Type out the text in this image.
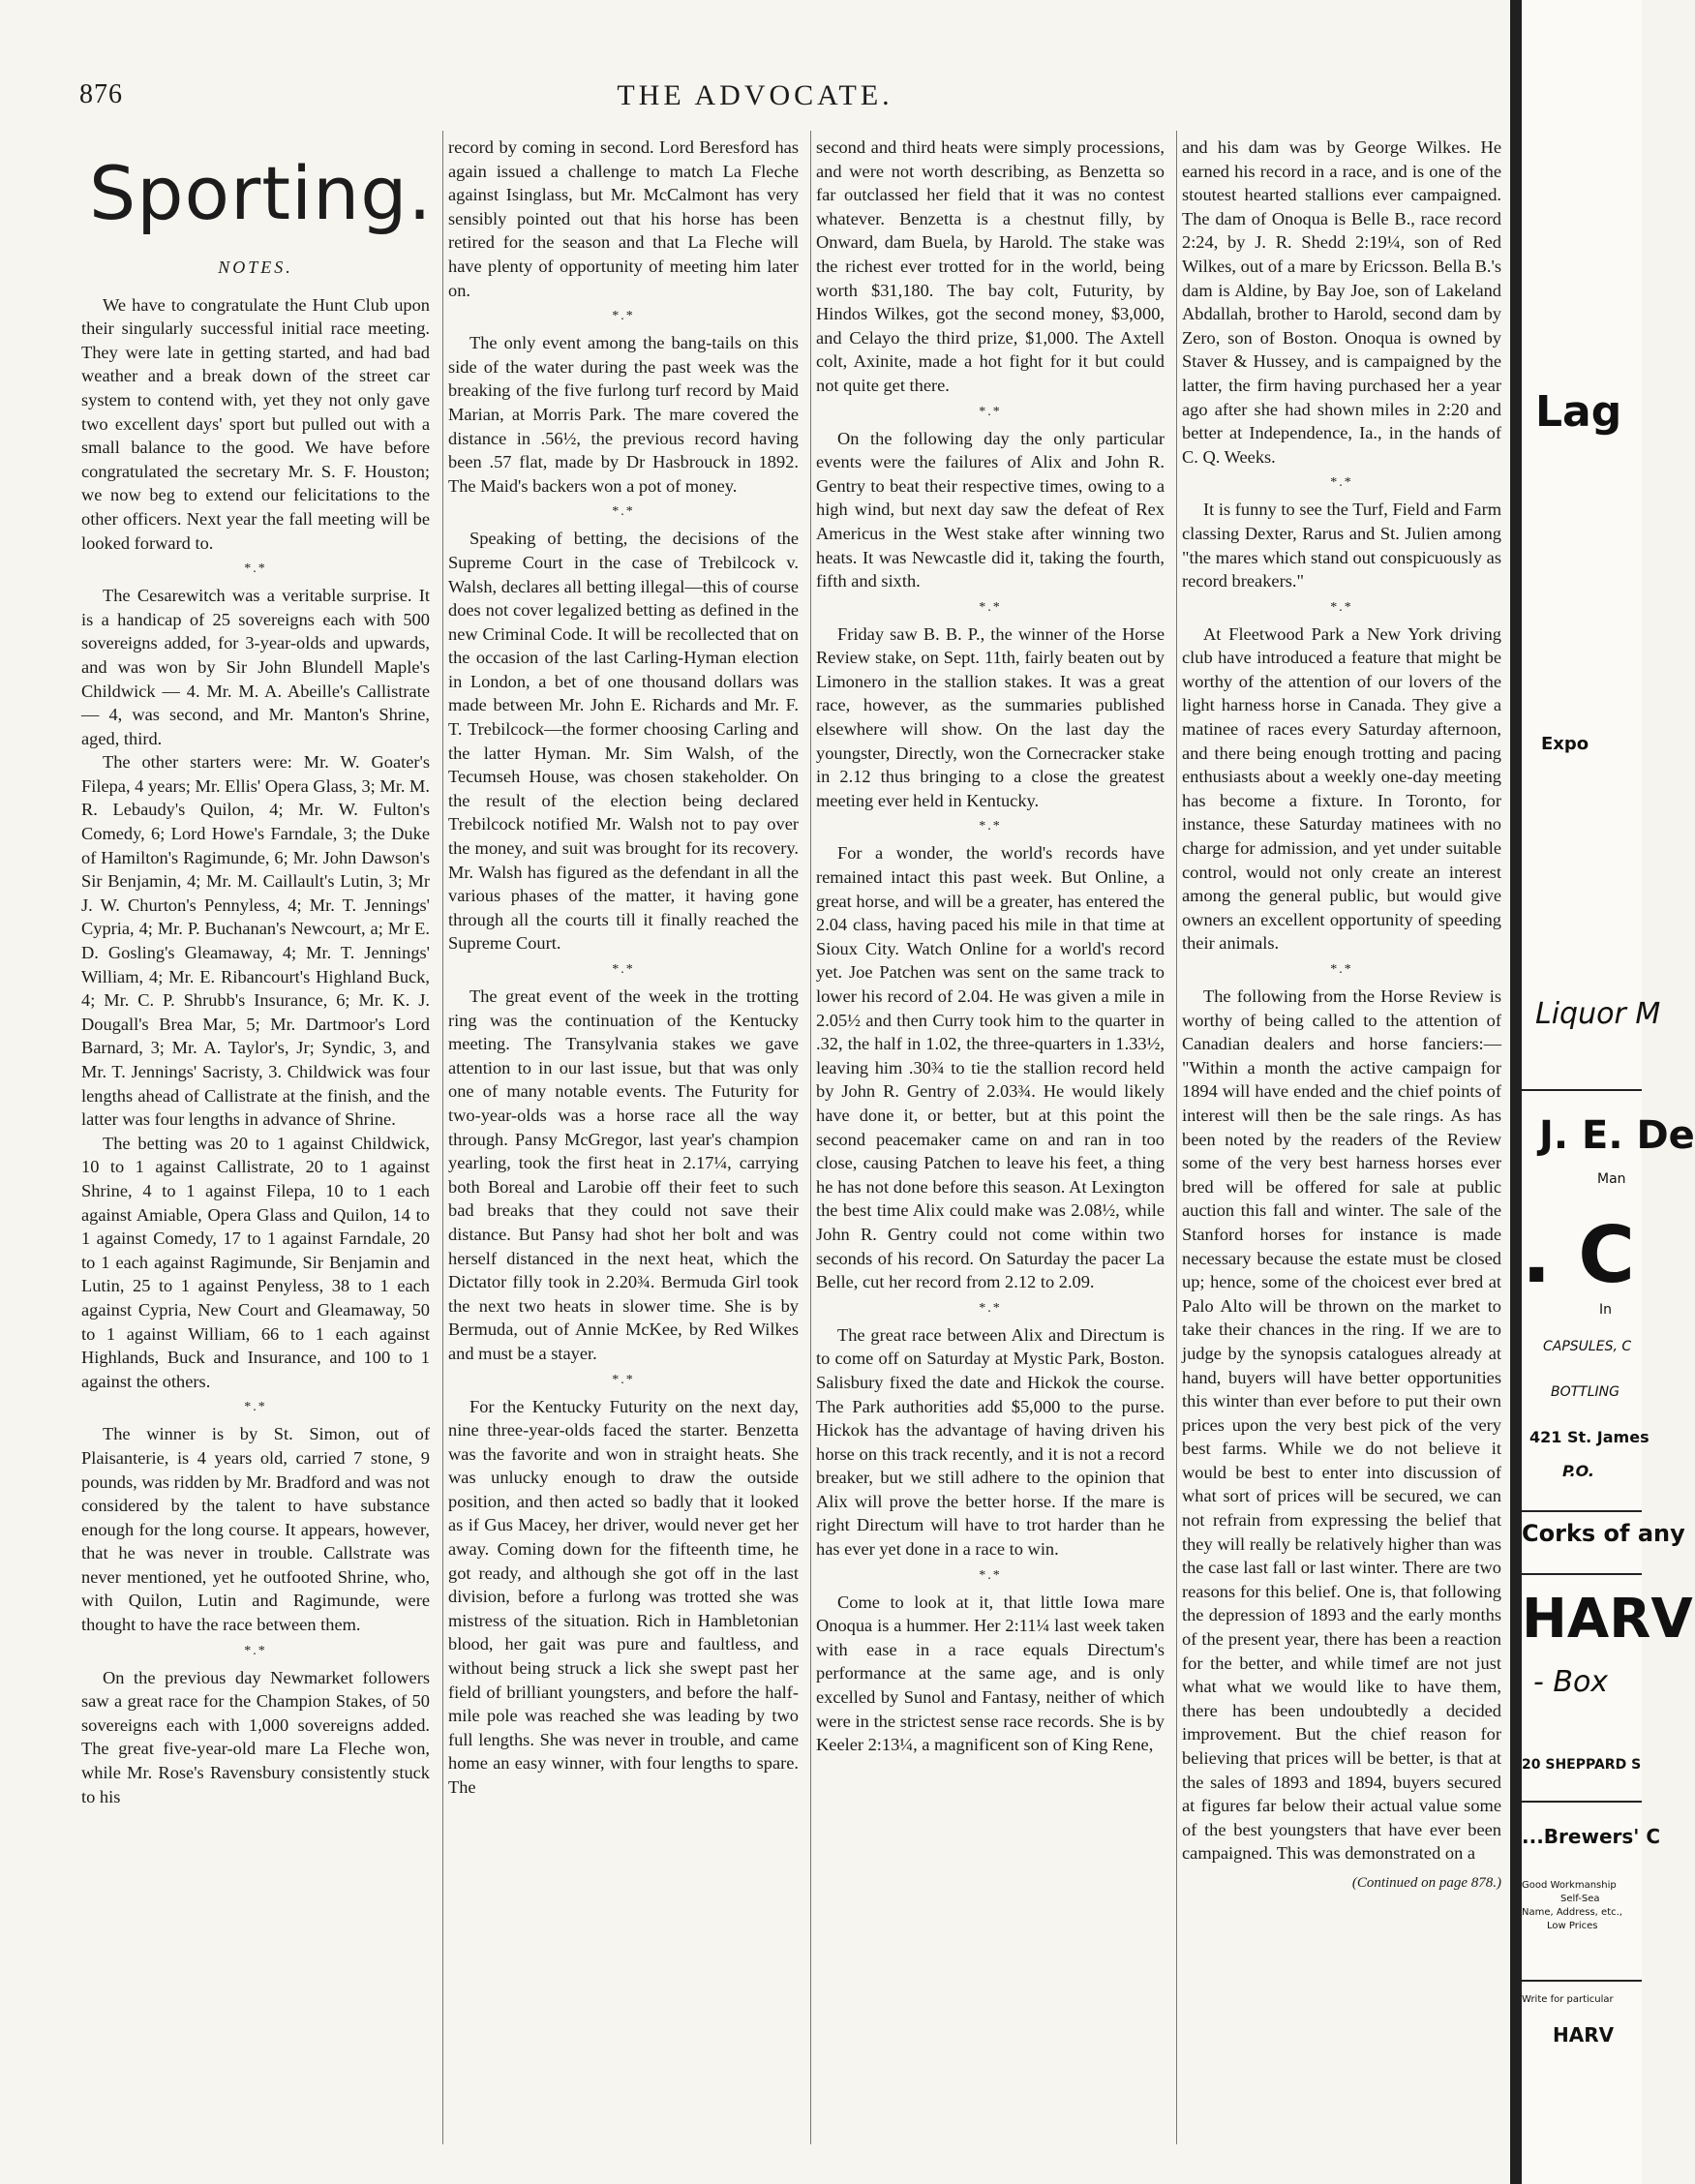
876	THE ADVOCATE.
Sporting.
NOTES.

We have to congratulate the Hunt Club upon their singularly successful initial race meeting. They were late in getting started, and had bad weather and a break down of the street car system to contend with, yet they not only gave two excellent days' sport but pulled out with a small balance to the good. We have before congratulated the secretary Mr. S. F. Houston; we now beg to extend our felicitations to the other officers. Next year the fall meeting will be looked forward to.

*.*

The Cesarewitch was a veritable surprise. It is a handicap of 25 sovereigns each with 500 sovereigns added, for 3-year-olds and upwards, and was won by Sir John Blundell Maple's Childwick — 4. Mr. M. A. Abeille's Callistrate — 4, was second, and Mr. Manton's Shrine, aged, third.

The other starters were: Mr. W. Goater's Filepa, 4 years; Mr. Ellis' Opera Glass, 3; Mr. M. R. Lebaudy's Quilon, 4; Mr. W. Fulton's Comedy, 6; Lord Howe's Farndale, 3; the Duke of Hamilton's Ragimunde, 6; Mr. John Dawson's Sir Benjamin, 4; Mr. M. Caillault's Lutin, 3; Mr J. W. Churton's Pennyless, 4; Mr. T. Jennings' Cypria, 4; Mr. P. Buchanan's Newcourt, a; Mr E. D. Gosling's Gleamaway, 4; Mr. T. Jennings' William, 4; Mr. E. Ribancourt's Highland Buck, 4; Mr. C. P. Shrubb's Insurance, 6; Mr. K. J. Dougall's Brea Mar, 5; Mr. Dartmoor's Lord Barnard, 3; Mr. A. Taylor's, Jr; Syndic, 3, and Mr. T. Jennings' Sacristy, 3. Childwick was four lengths ahead of Callistrate at the finish, and the latter was four lengths in advance of Shrine.

The betting was 20 to 1 against Childwick, 10 to 1 against Callistrate, 20 to 1 against Shrine, 4 to 1 against Filepa, 10 to 1 each against Amiable, Opera Glass and Quilon, 14 to 1 against Comedy, 17 to 1 against Farndale, 20 to 1 each against Ragimunde, Sir Benjamin and Lutin, 25 to 1 against Penyless, 38 to 1 each against Cypria, New Court and Gleamaway, 50 to 1 against William, 66 to 1 each against Highlands, Buck and Insurance, and 100 to 1 against the others.

*.*

The winner is by St. Simon, out of Plaisanterie, is 4 years old, carried 7 stone, 9 pounds, was ridden by Mr. Bradford and was not considered by the talent to have substance enough for the long course. It appears, however, that he was never in trouble. Callstrate was never mentioned, yet he outfooted Shrine, who, with Quilon, Lutin and Ragimunde, were thought to have the race between them.

*.*

On the previous day Newmarket followers saw a great race for the Champion Stakes, of 50 sovereigns each with 1,000 sovereigns added. The great five-year-old mare La Fleche won, while Mr. Rose's Ravensbury consistently stuck to his

record by coming in second. Lord Beresford has again issued a challenge to match La Fleche against Isinglass, but Mr. McCalmont has very sensibly pointed out that his horse has been retired for the season and that La Fleche will have plenty of opportunity of meeting him later on.

*.*

The only event among the bang-tails on this side of the water during the past week was the breaking of the five furlong turf record by Maid Marian, at Morris Park. The mare covered the distance in .56½, the previous record having been .57 flat, made by Dr Hasbrouck in 1892. The Maid's backers won a pot of money.

*.*

Speaking of betting, the decisions of the Supreme Court in the case of Trebilcock v. Walsh, declares all betting illegal—this of course does not cover legalized betting as defined in the new Criminal Code. It will be recollected that on the occasion of the last Carling-Hyman election in London, a bet of one thousand dollars was made between Mr. John E. Richards and Mr. F. T. Trebilcock—the former choosing Carling and the latter Hyman. Mr. Sim Walsh, of the Tecumseh House, was chosen stakeholder. On the result of the election being declared Trebilcock notified Mr. Walsh not to pay over the money, and suit was brought for its recovery. Mr. Walsh has figured as the defendant in all the various phases of the matter, it having gone through all the courts till it finally reached the Supreme Court.

*.*

The great event of the week in the trotting ring was the continuation of the Kentucky meeting. The Transylvania stakes we gave attention to in our last issue, but that was only one of many notable events. The Futurity for two-year-olds was a horse race all the way through. Pansy McGregor, last year's champion yearling, took the first heat in 2.17¼, carrying both Boreal and Larobie off their feet to such bad breaks that they could not save their distance. But Pansy had shot her bolt and was herself distanced in the next heat, which the Dictator filly took in 2.20¾. Bermuda Girl took the next two heats in slower time. She is by Bermuda, out of Annie McKee, by Red Wilkes and must be a stayer.

*.*

For the Kentucky Futurity on the next day, nine three-year-olds faced the starter. Benzetta was the favorite and won in straight heats. She was unlucky enough to draw the outside position, and then acted so badly that it looked as if Gus Macey, her driver, would never get her away. Coming down for the fifteenth time, he got ready, and although she got off in the last division, before a furlong was trotted she was mistress of the situation. Rich in Hambletonian blood, her gait was pure and faultless, and without being struck a lick she swept past her field of brilliant youngsters, and before the half-mile pole was reached she was leading by two full lengths. She was never in trouble, and came home an easy winner, with four lengths to spare. The

second and third heats were simply processions, and were not worth describing, as Benzetta so far outclassed her field that it was no contest whatever. Benzetta is a chestnut filly, by Onward, dam Buela, by Harold. The stake was the richest ever trotted for in the world, being worth $31,180. The bay colt, Futurity, by Hindos Wilkes, got the second money, $3,000, and Celayo the third prize, $1,000. The Axtell colt, Axinite, made a hot fight for it but could not quite get there.

*.*

On the following day the only particular events were the failures of Alix and John R. Gentry to beat their respective times, owing to a high wind, but next day saw the defeat of Rex Americus in the West stake after winning two heats. It was Newcastle did it, taking the fourth, fifth and sixth.

*.*

Friday saw B. B. P., the winner of the Horse Review stake, on Sept. 11th, fairly beaten out by Limonero in the stallion stakes. It was a great race, however, as the summaries published elsewhere will show. On the last day the youngster, Directly, won the Cornecracker stake in 2.12 thus bringing to a close the greatest meeting ever held in Kentucky.

*.*

For a wonder, the world's records have remained intact this past week. But Online, a great horse, and will be a greater, has entered the 2.04 class, having paced his mile in that time at Sioux City. Watch Online for a world's record yet. Joe Patchen was sent on the same track to lower his record of 2.04. He was given a mile in 2.05½ and then Curry took him to the quarter in .32, the half in 1.02, the three-quarters in 1.33½, leaving him .30¾ to tie the stallion record held by John R. Gentry of 2.03¾. He would likely have done it, or better, but at this point the second peacemaker came on and ran in too close, causing Patchen to leave his feet, a thing he has not done before this season. At Lexington the best time Alix could make was 2.08½, while John R. Gentry could not come within two seconds of his record. On Saturday the pacer La Belle, cut her record from 2.12 to 2.09.

*.*

The great race between Alix and Directum is to come off on Saturday at Mystic Park, Boston. Salisbury fixed the date and Hickok the course. The Park authorities add $5,000 to the purse. Hickok has the advantage of having driven his horse on this track recently, and it is not a record breaker, but we still adhere to the opinion that Alix will prove the better horse. If the mare is right Directum will have to trot harder than he has ever yet done in a race to win.

*.*

Come to look at it, that little Iowa mare Onoqua is a hummer. Her 2:11¼ last week taken with ease in a race equals Directum's performance at the same age, and is only excelled by Sunol and Fantasy, neither of which were in the strictest sense race records. She is by Keeler 2:13¼, a magnificent son of King Rene,

and his dam was by George Wilkes. He earned his record in a race, and is one of the stoutest hearted stallions ever campaigned. The dam of Onoqua is Belle B., race record 2:24, by J. R. Shedd 2:19¼, son of Red Wilkes, out of a mare by Ericsson. Bella B.'s dam is Aldine, by Bay Joe, son of Lakeland Abdallah, brother to Harold, second dam by Zero, son of Boston. Onoqua is owned by Staver & Hussey, and is campaigned by the latter, the firm having purchased her a year ago after she had shown miles in 2:20 and better at Independence, Ia., in the hands of C. Q. Weeks.

*.*

It is funny to see the Turf, Field and Farm classing Dexter, Rarus and St. Julien among "the mares which stand out conspicuously as record breakers."

*.*

At Fleetwood Park a New York driving club have introduced a feature that might be worthy of the attention of our lovers of the light harness horse in Canada. They give a matinee of races every Saturday afternoon, and there being enough trotting and pacing enthusiasts about a weekly one-day meeting has become a fixture. In Toronto, for instance, these Saturday matinees with no charge for admission, and yet under suitable control, would not only create an interest among the general public, but would give owners an excellent opportunity of speeding their animals.

*.*

The following from the Horse Review is worthy of being called to the attention of Canadian dealers and horse fanciers:— "Within a month the active campaign for 1894 will have ended and the chief points of interest will then be the sale rings. As has been noted by the readers of the Review some of the very best harness horses ever bred will be offered for sale at public auction this fall and winter. The sale of the Stanford horses for instance is made necessary because the estate must be closed up; hence, some of the choicest ever bred at Palo Alto will be thrown on the market to take their chances in the ring. If we are to judge by the synopsis catalogues already at hand, buyers will have better opportunities this winter than ever before to put their own prices upon the very best pick of the very best farms. While we do not believe it would be best to enter into discussion of what sort of prices will be secured, we can not refrain from expressing the belief that they will really be relatively higher than was the case last fall or last winter. There are two reasons for this belief. One is, that following the depression of 1893 and the early months of the present year, there has been a reaction for the better, and while timef are not just what what we would like to have them, there has been undoubtedly a decided improvement. But the chief reason for believing that prices will be better, is that at the sales of 1893 and 1894, buyers secured at figures far below their actual value some of the best youngsters that have ever been campaigned. This was demonstrated on a

(Continued on page 878.)
Lag
Expo
Liquor M
J. E. De
Man
. C
In
CAPSULES, C
BOTTLING
421 St. James
P.O.
Corks of any
HARV
- Box
20 SHEPPARD S
...Brewers' C
Good Workmanship
Self-Sea
Name, Address, etc.,
Low Prices
Write for particular
HARV
